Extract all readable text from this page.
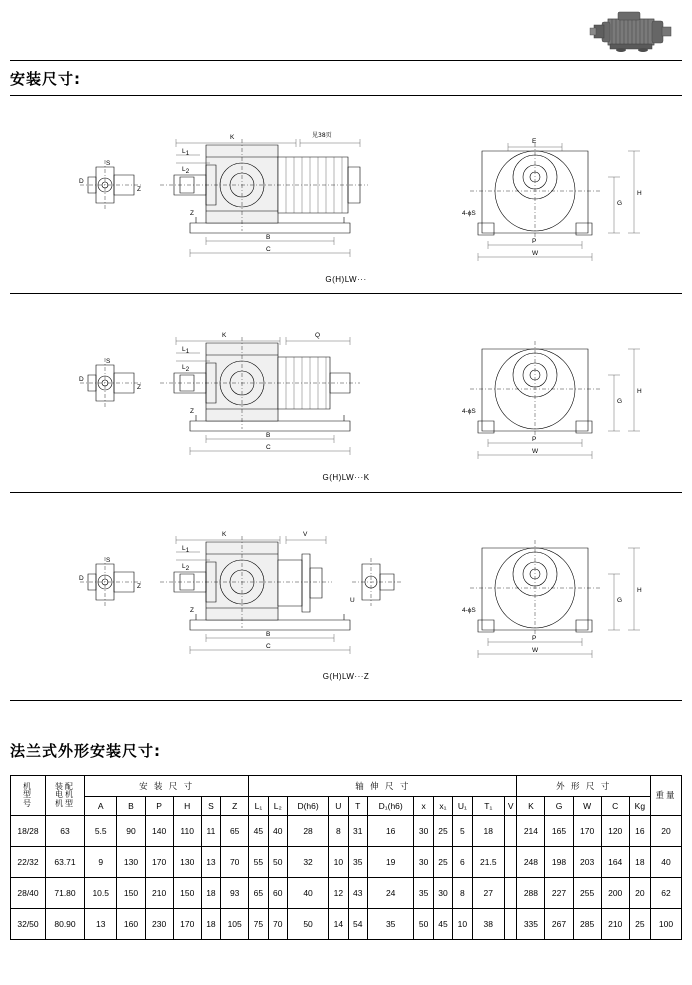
安装尺寸:
D
S
Z
K	见38页
L1
L2
B
C
Z
E
G
H
P
W
4-ϕS
G(H)LW···
D
S
Z
K	Q
L1
L2
B
C
Z
G
H
P
W
4-ϕS
G(H)LW···K
D
S
Z
K	V
L1
L2
B
C
Z
U	G
H
P
W
4-ϕS
G(H)LW···Z
法兰式外形安装尺寸:
机
型
号	装配
电机
机型	安 装 尺 寸						轴 伸 尺 寸											外 形 尺 寸					重量
		A	B	P	H	S	Z	L₁	L₂	D(h6)	U	T	D₁(h6)	x	x₁	U₁	T₁	V	K	G	W	C	Kg	
18/28	63	5.5	90	140	110	11	65	45	40	28	8	31	16	30	25	5	18		214	165	170	120	16	20
22/32	63.71	9	130	170	130	13	70	55	50	32	10	35	19	30	25	6	21.5		248	198	203	164	18	40
28/40	71.80	10.5	150	210	150	18	93	65	60	40	12	43	24	35	30	8	27		288	227	255	200	20	62
32/50	80.90	13	160	230	170	18	105	75	70	50	14	54	35	50	45	10	38		335	267	285	210	25	100
